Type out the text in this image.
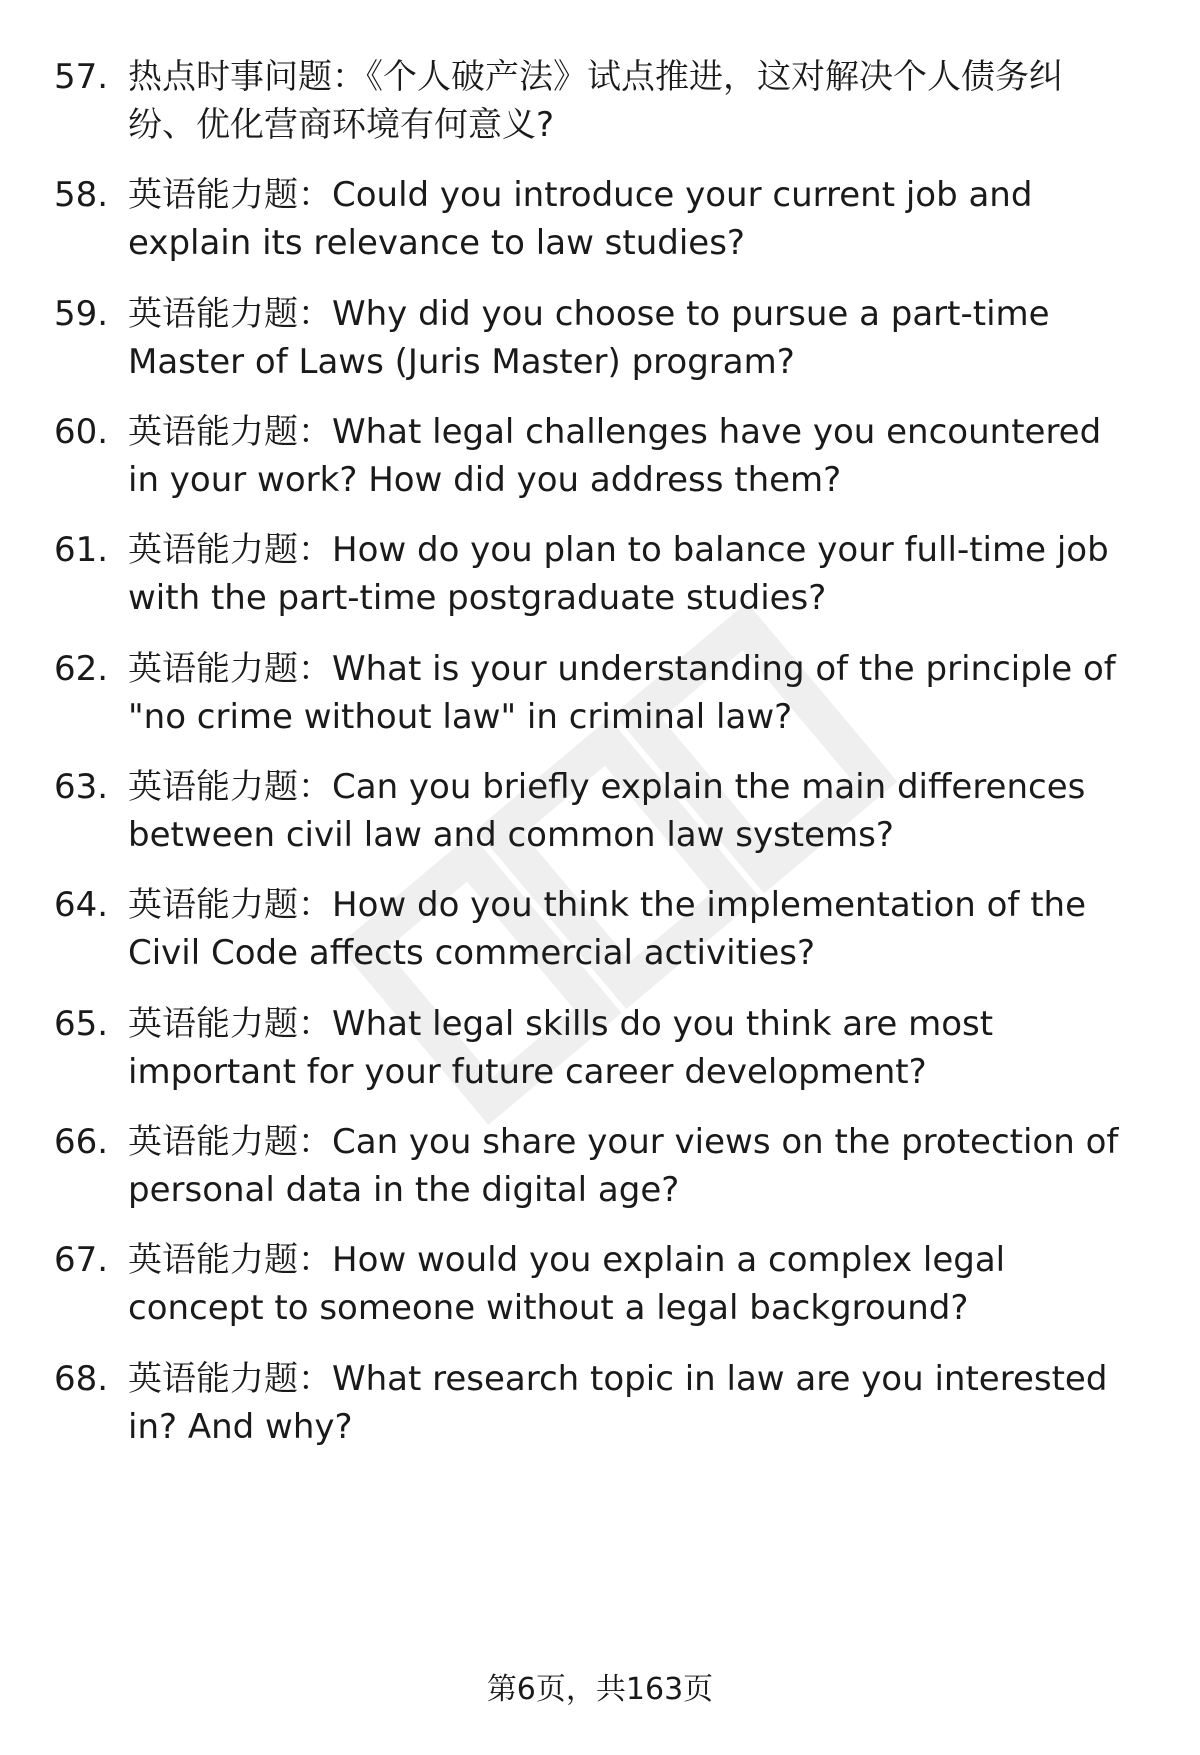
57. 热点时事问题：《个人破产法》试点推进，这对解决个人债务纠
纷、优化营商环境有何意义?
58. 英语能力题：Could you introduce your current job and
explain its relevance to law studies?
59. 英语能力题：Why did you choose to pursue a part-time
Master of Laws (Juris Master) program?
60. 英语能力题：What legal challenges have you encountered
in your work? How did you address them?
61. 英语能力题：How do you plan to balance your full-time job
with the part-time postgraduate studies?
62. 英语能力题：What is your understanding of the principle of
"no crime without law" in criminal law?
63. 英语能力题：Can you briefly explain the main differences
between civil law and common law systems?
64. 英语能力题：How do you think the implementation of the
Civil Code affects commercial activities?
65. 英语能力题：What legal skills do you think are most
important for your future career development?
66. 英语能力题：Can you share your views on the protection of
personal data in the digital age?
67. 英语能力题：How would you explain a complex legal
concept to someone without a legal background?
68. 英语能力题：What research topic in law are you interested
in? And why?
第6页，共163页
